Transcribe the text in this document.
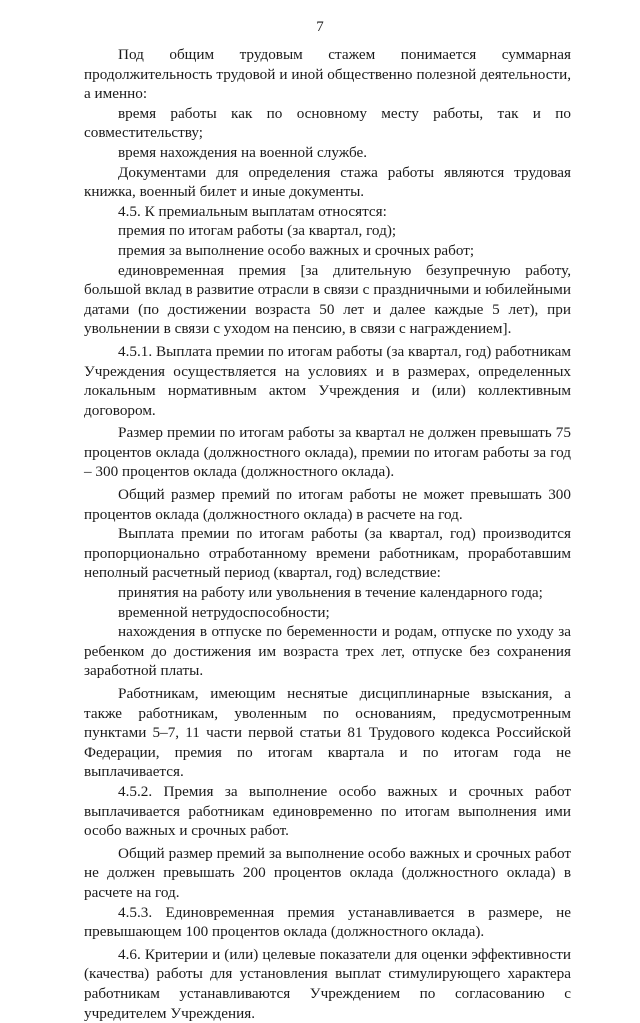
7

Под общим трудовым стажем понимается суммарная продолжительность трудовой и иной общественно полезной деятельности, а именно:

время работы как по основному месту работы, так и по совместительству;

время нахождения на военной службе.

Документами для определения стажа работы являются трудовая книжка, военный билет и иные документы.

4.5. К премиальным выплатам относятся:

премия по итогам работы (за квартал, год);

премия за выполнение особо важных и срочных работ;

единовременная премия [за длительную безупречную работу, большой вклад в развитие отрасли в связи с праздничными и юбилейными датами (по достижении возраста 50 лет и далее каждые 5 лет), при увольнении в связи с уходом на пенсию, в связи с награждением].

4.5.1. Выплата премии по итогам работы (за квартал, год) работникам Учреждения осуществляется на условиях и в размерах, определенных локальным нормативным актом Учреждения и (или) коллективным договором.

Размер премии по итогам работы за квартал не должен превышать 75 процентов оклада (должностного оклада), премии по итогам работы за год – 300 процентов оклада (должностного оклада).

Общий размер премий по итогам работы не может превышать 300 процентов оклада (должностного оклада) в расчете на год.

Выплата премии по итогам работы (за квартал, год) производится пропорционально отработанному времени работникам, проработавшим неполный расчетный период (квартал, год) вследствие:

принятия на работу или увольнения в течение календарного года;

временной нетрудоспособности;

нахождения в отпуске по беременности и родам, отпуске по уходу за ребенком до достижения им возраста трех лет, отпуске без сохранения заработной платы.

Работникам, имеющим неснятые дисциплинарные взыскания, а также работникам, уволенным по основаниям, предусмотренным пунктами 5–7, 11 части первой статьи 81 Трудового кодекса Российской Федерации, премия по итогам квартала и по итогам года не выплачивается.

4.5.2. Премия за выполнение особо важных и срочных работ выплачивается работникам единовременно по итогам выполнения ими особо важных и срочных работ.

Общий размер премий за выполнение особо важных и срочных работ не должен превышать 200 процентов оклада (должностного оклада) в расчете на год.

4.5.3. Единовременная премия устанавливается в размере, не превышающем 100 процентов оклада (должностного оклада).

4.6. Критерии и (или) целевые показатели для оценки эффективности (качества) работы для установления выплат стимулирующего характера работникам устанавливаются Учреждением по согласованию с учредителем Учреждения.
